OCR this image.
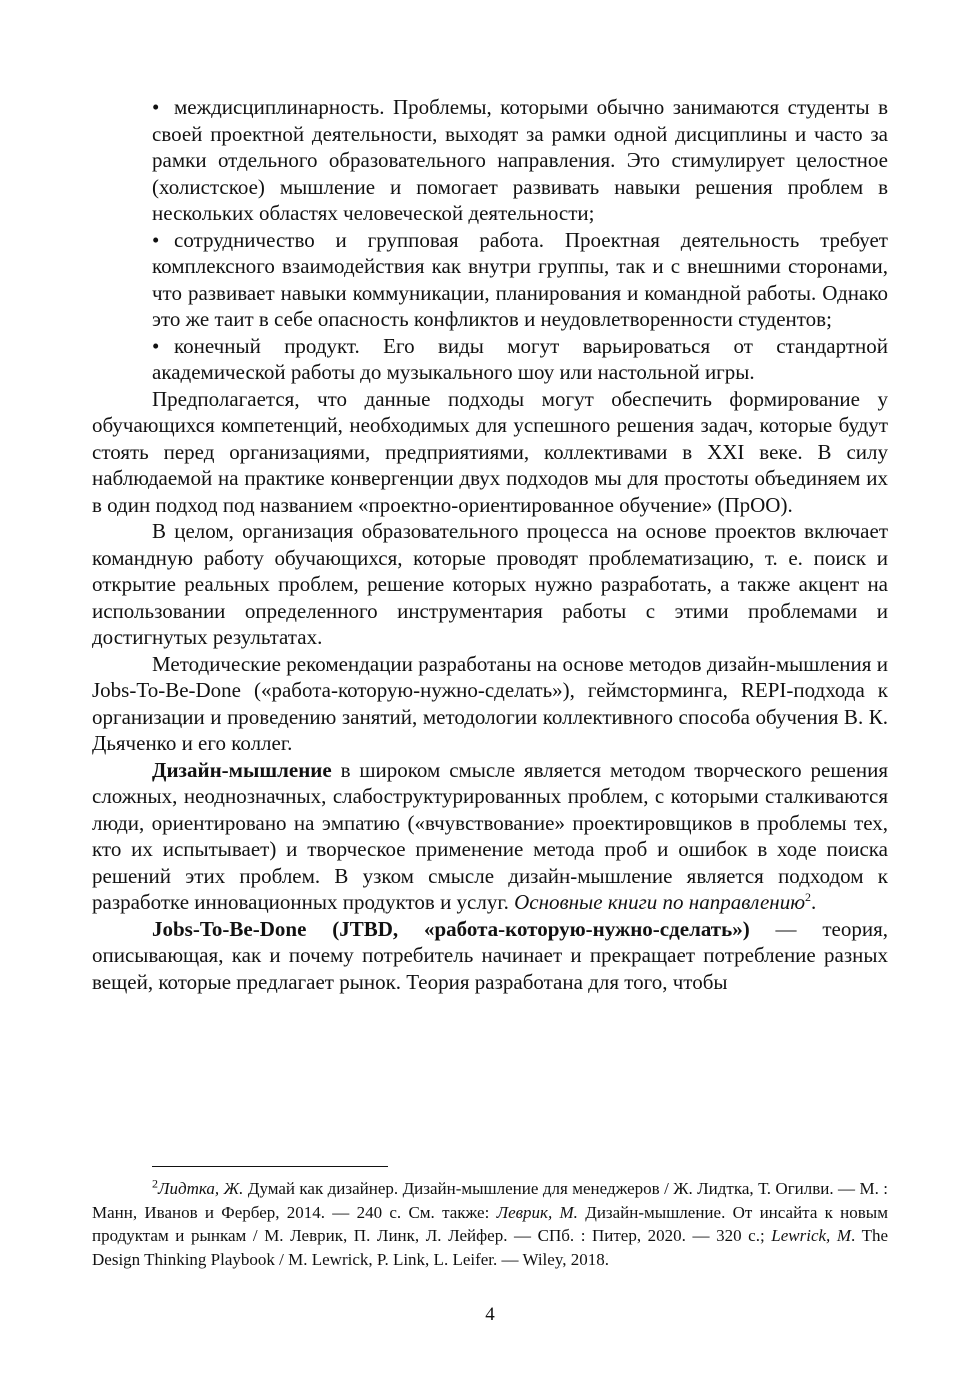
• междисциплинарность. Проблемы, которыми обычно занимаются студенты в своей проектной деятельности, выходят за рамки одной дисциплины и часто за рамки отдельного образовательного направления. Это стимулирует целостное (холистское) мышление и помогает развивать навыки решения проблем в нескольких областях человеческой деятельности;

• сотрудничество и групповая работа. Проектная деятельность требует комплексного взаимодействия как внутри группы, так и с внешними сторонами, что развивает навыки коммуникации, планирования и командной работы. Однако это же таит в себе опасность конфликтов и неудовлетворенности студентов;

• конечный продукт. Его виды могут варьироваться от стандартной академической работы до музыкального шоу или настольной игры.

Предполагается, что данные подходы могут обеспечить формирование у обучающихся компетенций, необходимых для успешного решения задач, которые будут стоять перед организациями, предприятиями, коллективами в XXI веке. В силу наблюдаемой на практике конвергенции двух подходов мы для простоты объединяем их в один подход под названием «проектно-ориентированное обучение» (ПрОО).

В целом, организация образовательного процесса на основе проектов включает командную работу обучающихся, которые проводят проблематизацию, т. е. поиск и открытие реальных проблем, решение которых нужно разработать, а также акцент на использовании определенного инструментария работы с этими проблемами и достигнутых результатах.

Методические рекомендации разработаны на основе методов дизайн-мышления и Jobs-To-Be-Done («работа-которую-нужно-сделать»), геймсторминга, REPI-подхода к организации и проведению занятий, методологии коллективного способа обучения В. К. Дьяченко и его коллег.

Дизайн-мышление в широком смысле является методом творческого решения сложных, неоднозначных, слабоструктурированных проблем, с которыми сталкиваются люди, ориентировано на эмпатию («вчувствование» проектировщиков в проблемы тех, кто их испытывает) и творческое применение метода проб и ошибок в ходе поиска решений этих проблем. В узком смысле дизайн-мышление является подходом к разработке инновационных продуктов и услуг. Основные книги по направлению$^2$.

Jobs-To-Be-Done (JTBD, «работа-которую-нужно-сделать») — теория, описывающая, как и почему потребитель начинает и прекращает потребление разных вещей, которые предлагает рынок. Теория разработана для того, чтобы

$^2$Лидтка, Ж. Думай как дизайнер. Дизайн-мышление для менеджеров / Ж. Лидтка, Т. Огилви. — М. : Манн, Иванов и Фербер, 2014. — 240 с. См. также: Леврик, М. Дизайн-мышление. От инсайта к новым продуктам и рынкам / М. Леврик, П. Линк, Л. Лейфер. — СПб. : Питер, 2020. — 320 с.; Lewrick, M. The Design Thinking Playbook / M. Lewrick, P. Link, L. Leifer. — Wiley, 2018.

4
